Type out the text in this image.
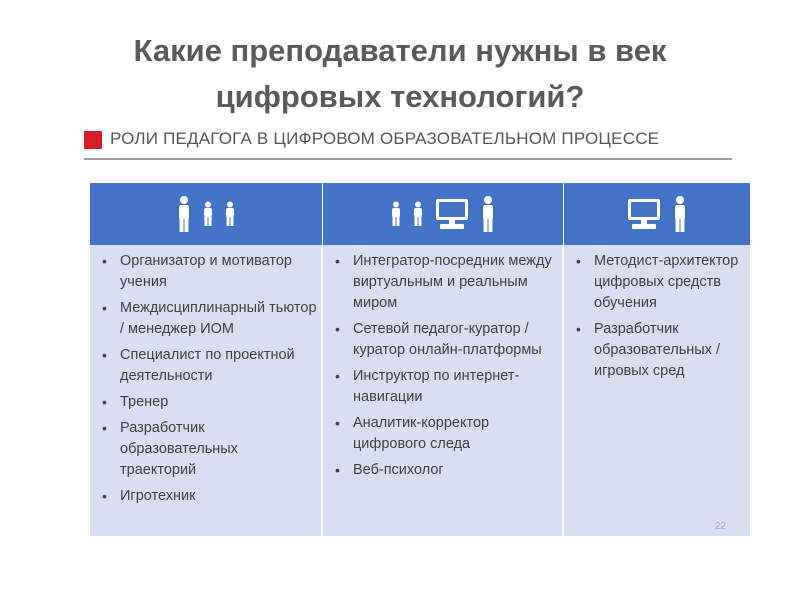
Какие преподаватели нужны в век цифровых технологий?
РОЛИ ПЕДАГОГА В ЦИФРОВОМ ОБРАЗОВАТЕЛЬНОМ ПРОЦЕССЕ
• Организатор и мотиватор учения
• Междисциплинарный тьютор / менеджер ИОМ
• Специалист по проектной деятельности
• Тренер
• Разработчик образовательных траекторий
• Игротехник
• Интегратор-посредник между виртуальным и реальным миром
• Сетевой педагог-куратор / куратор онлайн-платформы
• Инструктор по интернет-навигации
• Аналитик-корректор цифрового следа
• Веб-психолог
• Методист-архитектор цифровых средств обучения
• Разработчик образовательных / игровых сред
22
